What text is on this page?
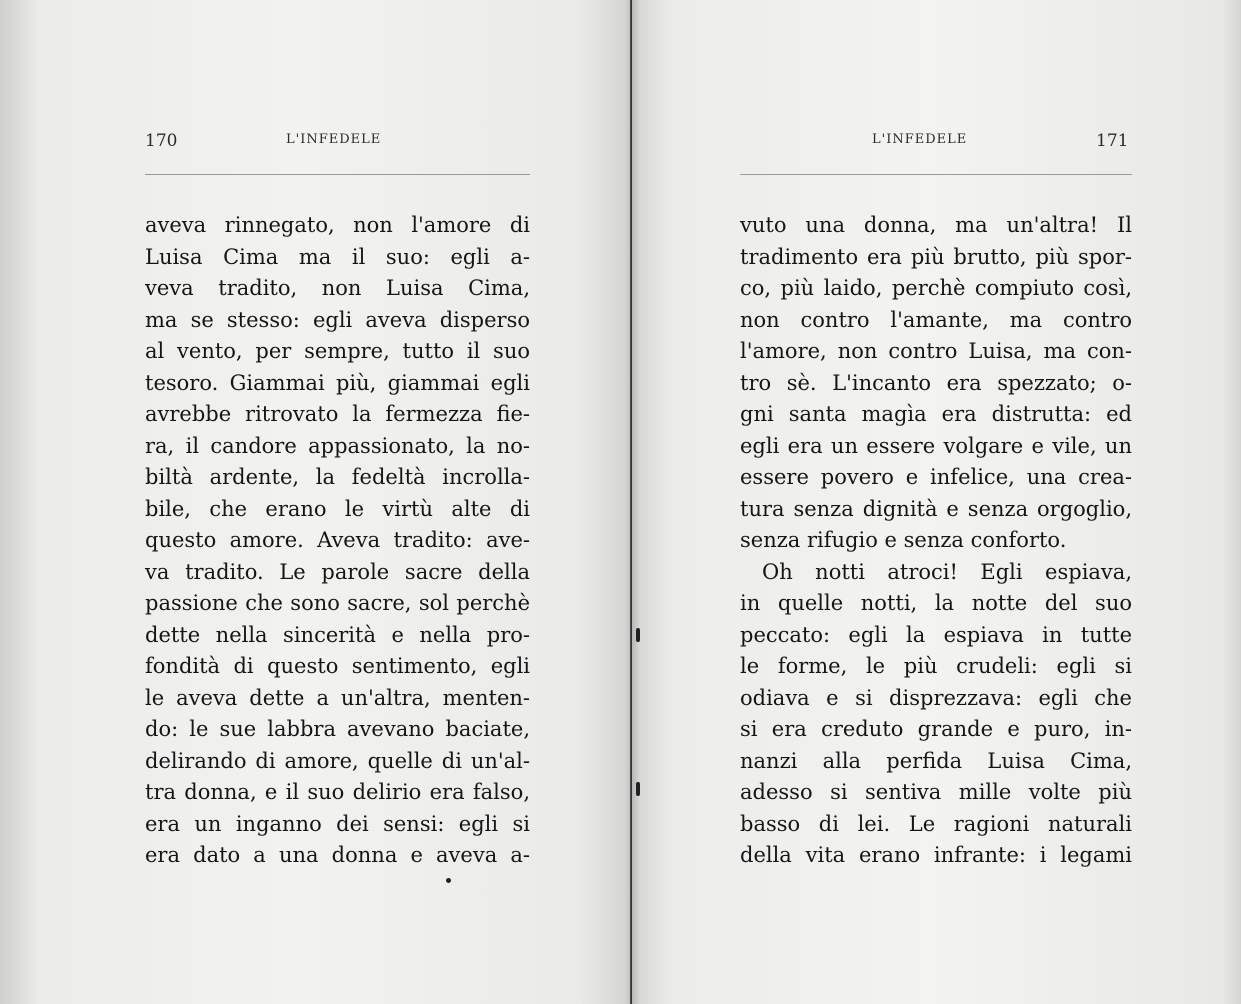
170	L'INFEDELE
aveva rinnegato, non l'amore di
Luisa Cima ma il suo: egli a-
veva tradito, non Luisa Cima,
ma se stesso: egli aveva disperso
al vento, per sempre, tutto il suo
tesoro. Giammai più, giammai egli
avrebbe ritrovato la fermezza fie-
ra, il candore appassionato, la no-
biltà ardente, la fedeltà incrolla-
bile, che erano le virtù alte di
questo amore. Aveva tradito: ave-
va tradito. Le parole sacre della
passione che sono sacre, sol perchè
dette nella sincerità e nella pro-
fondità di questo sentimento, egli
le aveva dette a un'altra, menten-
do: le sue labbra avevano baciate,
delirando di amore, quelle di un'al-
tra donna, e il suo delirio era falso,
era un inganno dei sensi: egli si
era dato a una donna e aveva a-
L'INFEDELE	171
vuto una donna, ma un'altra! Il
tradimento era più brutto, più spor-
co, più laido, perchè compiuto così,
non contro l'amante, ma contro
l'amore, non contro Luisa, ma con-
tro sè. L'incanto era spezzato; o-
gni santa magìa era distrutta: ed
egli era un essere volgare e vile, un
essere povero e infelice, una crea-
tura senza dignità e senza orgoglio,
senza rifugio e senza conforto.
Oh notti atroci! Egli espiava,
in quelle notti, la notte del suo
peccato: egli la espiava in tutte
le forme, le più crudeli: egli si
odiava e si disprezzava: egli che
si era creduto grande e puro, in-
nanzi alla perfida Luisa Cima,
adesso si sentiva mille volte più
basso di lei. Le ragioni naturali
della vita erano infrante: i legami
